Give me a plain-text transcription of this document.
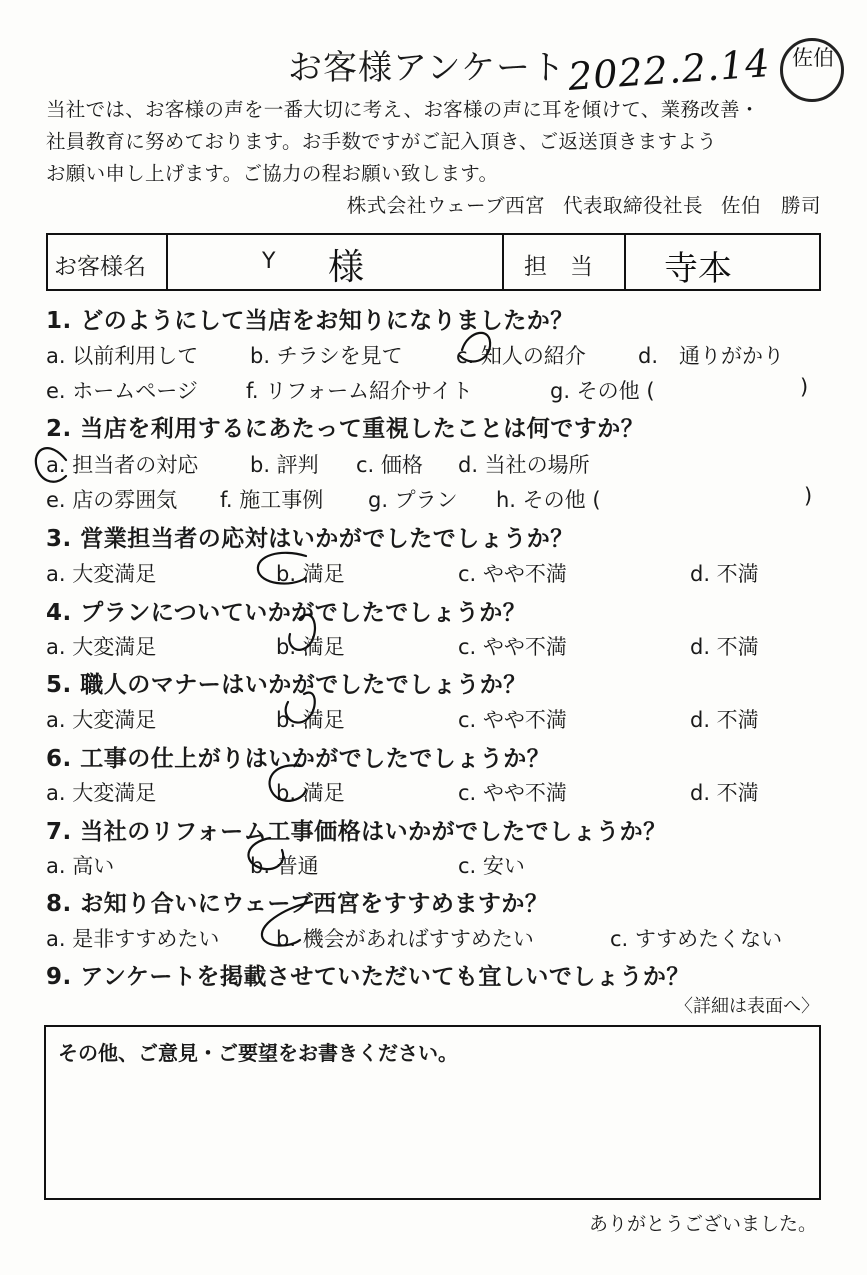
お客様アンケート 2022.2.14 佐伯
当社では、お客様の声を一番大切に考え、お客様の声に耳を傾けて、業務改善・
社員教育に努めております。お手数ですがご記入頂き、ご返送頂きますよう
お願い申し上げます。ご協力の程お願い致します。
株式会社ウェーブ西宮 代表取締役社長 佐伯　勝司
お客様名	Y 様	担　当 寺本
1. どのようにして当店をお知りになりましたか？
a. 以前利用して b. チラシを見て	c. 知人の紹介 d.　通りがかり
e. ホームページ f. リフォーム紹介サイト	g. その他 (	)
2. 当店を利用するにあたって重視したことは何ですか？
a. 担当者の対応 b. 評判 c. 価格 d. 当社の場所
e. 店の雰囲気 f. 施工事例 g. プラン h. その他 (	)
3. 営業担当者の応対はいかがでしたでしょうか？
a. 大変満足	b. 満足	c. やや不満	d. 不満
4. プランについていかがでしたでしょうか？
a. 大変満足	b. 満足	c. やや不満	d. 不満
5. 職人のマナーはいかがでしたでしょうか？
a. 大変満足	b. 満足	c. やや不満	d. 不満
6. 工事の仕上がりはいかがでしたでしょうか？
a. 大変満足	b. 満足	c. やや不満	d. 不満
7. 当社のリフォーム工事価格はいかがでしたでしょうか？
a. 高い	b. 普通	c. 安い
8. お知り合いにウェーブ西宮をすすめますか？
a. 是非すすめたい	b. 機会があればすすめたい	c. すすめたくない
9. アンケートを掲載させていただいても宜しいでしょうか？
〈詳細は表面へ〉
その他、ご意見・ご要望をお書きください。
ありがとうございました。
